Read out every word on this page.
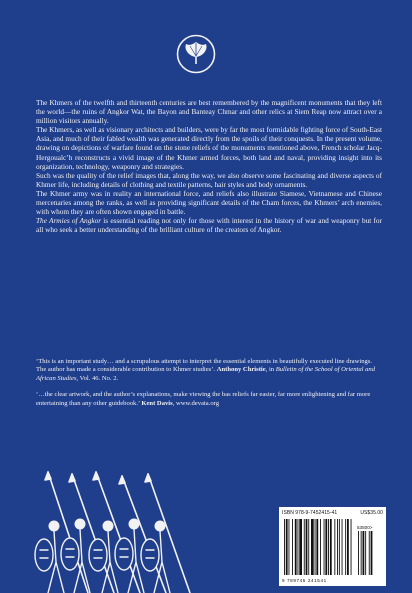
The Khmers of the twelfth and thirteenth centuries are best remembered by the magnificent monuments that they left the world—the ruins of Angkor Wat, the Bayon and Banteay Chmar and other relics at Siem Reap now attract over a million visitors annually.

The Khmers, as well as visionary architects and builders, were by far the most formidable fighting force of South-East Asia, and much of their fabled wealth was generated directly from the spoils of their conquests. In the present volume, drawing on depictions of warfare found on the stone reliefs of the monuments mentioned above, French scholar Jacq-Hergoualc’h reconstructs a vivid image of the Khmer armed forces, both land and naval, providing insight into its organization, technology, weaponry and strategies.

Such was the quality of the relief images that, along the way, we also observe some fascinating and diverse aspects of Khmer life, including details of clothing and textile patterns, hair styles and body ornaments.

The Khmer army was in reality an international force, and reliefs also illustrate Siamese, Vietnamese and Chinese mercenaries among the ranks, as well as providing significant details of the Cham forces, the Khmers’ arch enemies, with whom they are often shown engaged in battle.

The Armies of Angkor is essential reading not only for those with interest in the history of war and weaponry but for all who seek a better understanding of the brilliant culture of the creators of Angkor.

‘This is an important study… and a scrupulous attempt to interpret the essential elements in beautifully executed line drawings. The author has made a considerable contribution to Khmer studies’. Anthony Christie, in Bulletin of the School of Oriental and African Studies, Vol. 46. No. 2.

‘…the clear artwork, and the author’s explanations, make viewing the bas reliefs far easier, far more enlightening and far more entertaining than any other guidebook.’ Kent Davis, www.devata.org

ISBN 978-9-7452415-41	US$35.00
53500>
9 789745 241541
